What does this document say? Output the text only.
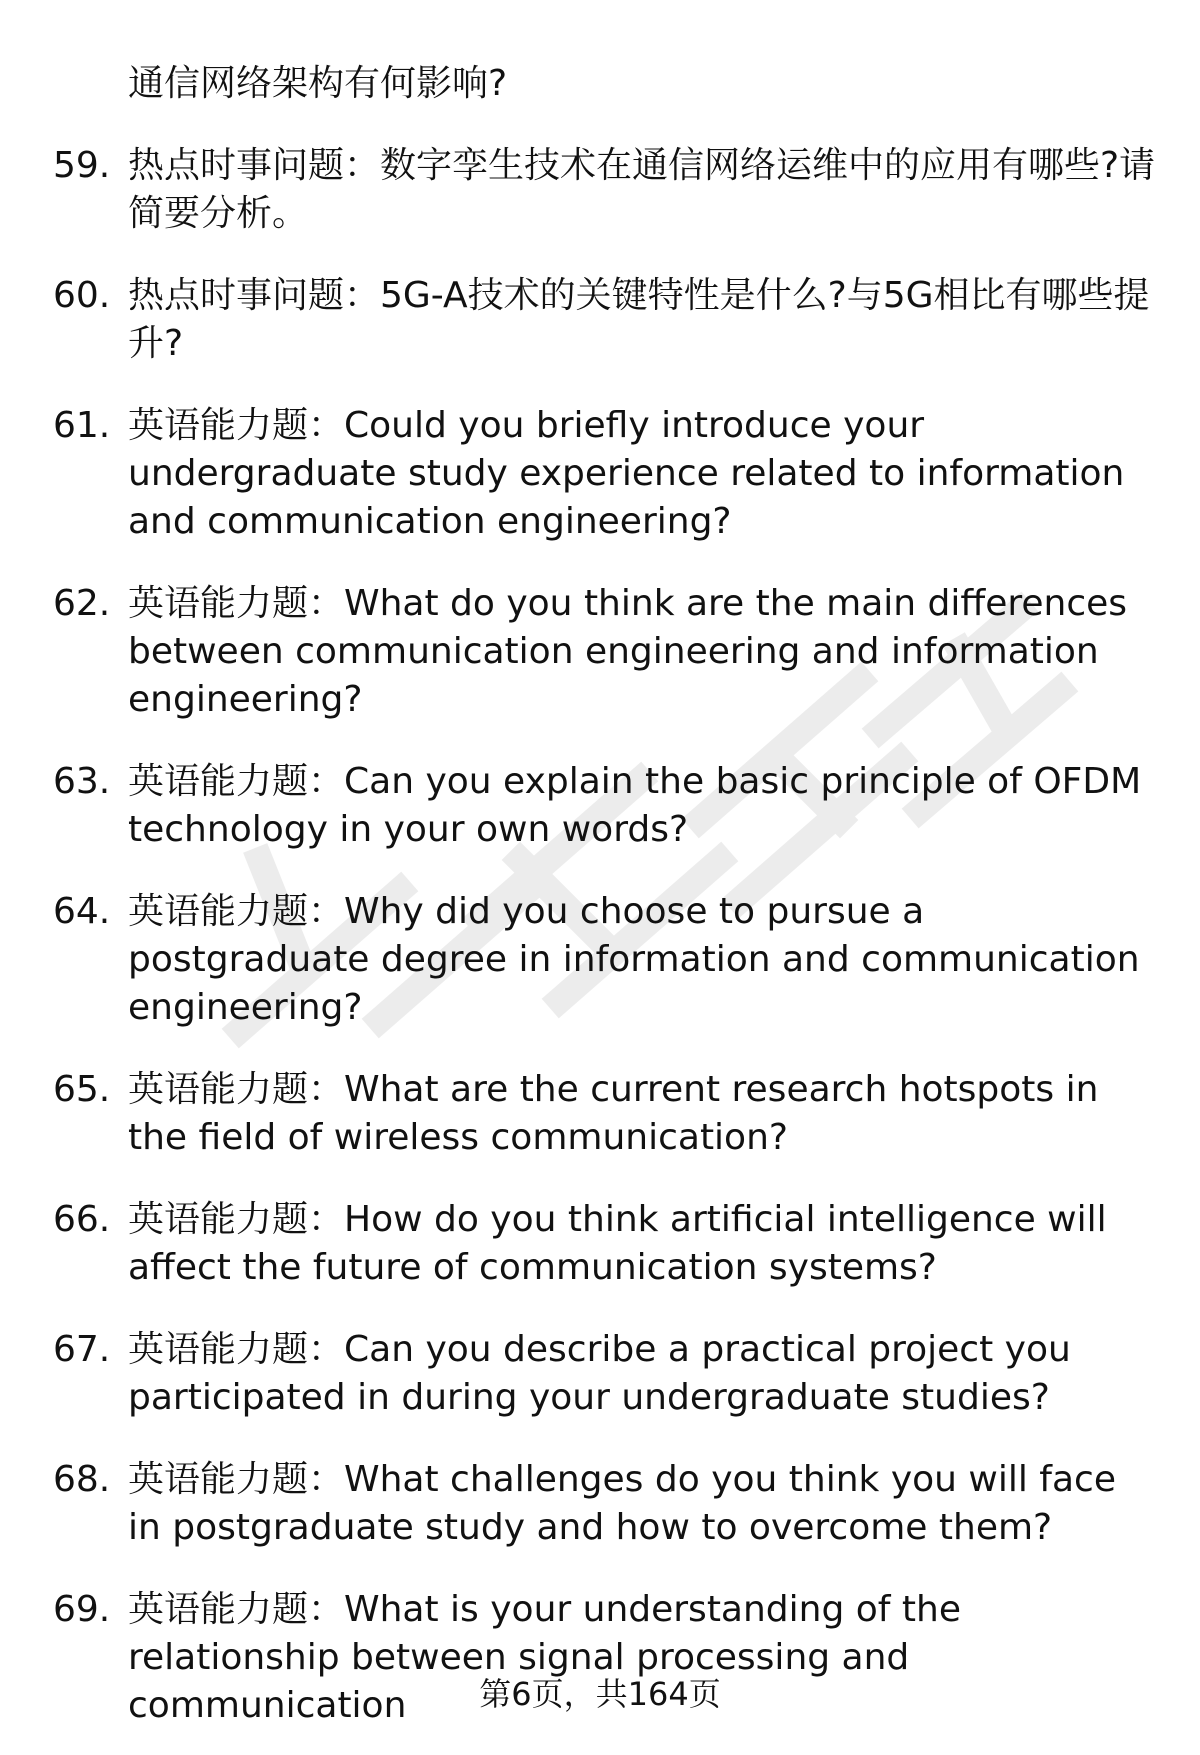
通信网络架构有何影响?
59. 热点时事问题：数字孪生技术在通信网络运维中的应用有哪些?请简要分析。
60. 热点时事问题：5G-A技术的关键特性是什么?与5G相比有哪些提升?
61. 英语能力题：Could you briefly introduce your undergraduate study experience related to information and communication engineering?
62. 英语能力题：What do you think are the main differences between communication engineering and information engineering?
63. 英语能力题：Can you explain the basic principle of OFDM technology in your own words?
64. 英语能力题：Why did you choose to pursue a postgraduate degree in information and communication engineering?
65. 英语能力题：What are the current research hotspots in the field of wireless communication?
66. 英语能力题：How do you think artificial intelligence will affect the future of communication systems?
67. 英语能力题：Can you describe a practical project you participated in during your undergraduate studies?
68. 英语能力题：What challenges do you think you will face in postgraduate study and how to overcome them?
69. 英语能力题：What is your understanding of the relationship between signal processing and communication	第6页，共164页
